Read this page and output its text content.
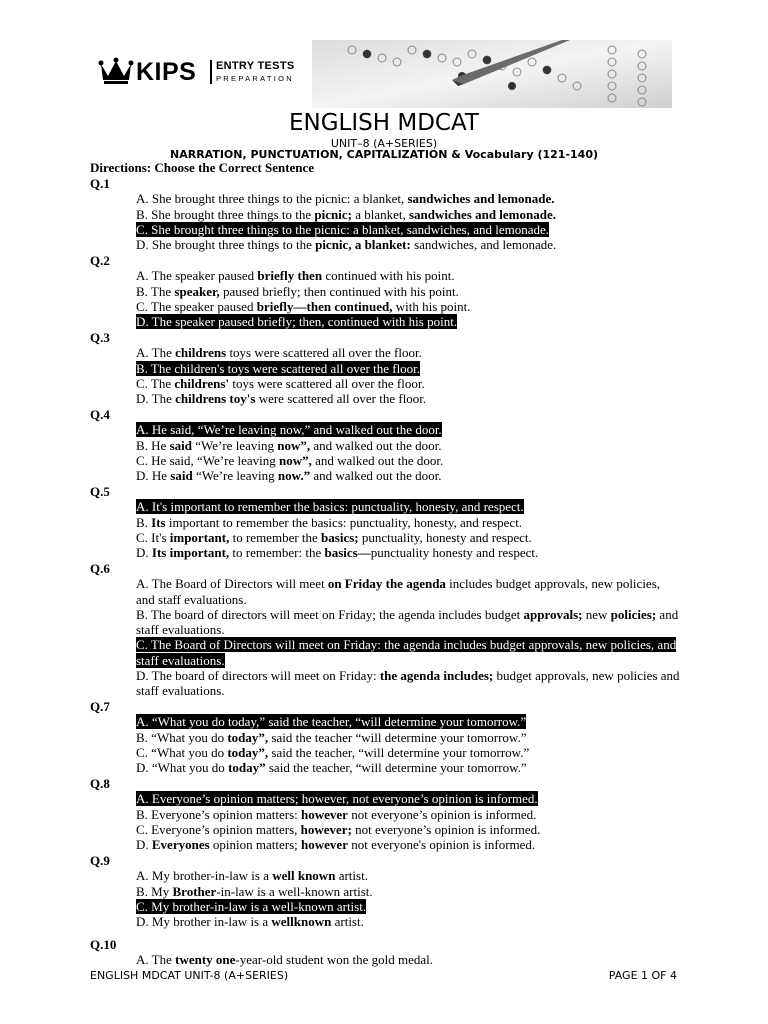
KIPS ENTRY TESTS
PREPARATION
ENGLISH MDCAT
UNIT–8 (A+SERIES)
NARRATION, PUNCTUATION, CAPITALIZATION & Vocabulary (121-140)
Directions: Choose the Correct Sentence
Q.1
A. She brought three things to the picnic: a blanket, sandwiches and lemonade.
B. She brought three things to the picnic; a blanket, sandwiches and lemonade.
C. She brought three things to the picnic: a blanket, sandwiches, and lemonade.
D. She brought three things to the picnic, a blanket: sandwiches, and lemonade.
Q.2
A. The speaker paused briefly then continued with his point.
B. The speaker, paused briefly; then continued with his point.
C. The speaker paused briefly—then continued, with his point.
D. The speaker paused briefly; then, continued with his point.
Q.3
A. The childrens toys were scattered all over the floor.
B. The children's toys were scattered all over the floor.
C. The childrens' toys were scattered all over the floor.
D. The childrens toy's were scattered all over the floor.
Q.4
A. He said, “We’re leaving now,” and walked out the door.
B. He said “We’re leaving now”, and walked out the door.
C. He said, “We’re leaving now”, and walked out the door.
D. He said “We’re leaving now.” and walked out the door.
Q.5
A. It's important to remember the basics: punctuality, honesty, and respect.
B. Its important to remember the basics: punctuality, honesty, and respect.
C. It's important, to remember the basics; punctuality, honesty and respect.
D. Its important, to remember: the basics—punctuality honesty and respect.
Q.6
A. The Board of Directors will meet on Friday the agenda includes budget approvals, new policies, and staff evaluations.
B. The board of directors will meet on Friday; the agenda includes budget approvals; new policies; and staff evaluations.
C. The Board of Directors will meet on Friday: the agenda includes budget approvals, new policies, and staff evaluations.
D. The board of directors will meet on Friday: the agenda includes; budget approvals, new policies and staff evaluations.
Q.7
A. “What you do today,” said the teacher, “will determine your tomorrow.”
B. “What you do today”, said the teacher “will determine your tomorrow.”
C. “What you do today”, said the teacher, “will determine your tomorrow.”
D. “What you do today” said the teacher, “will determine your tomorrow.”
Q.8
A. Everyone’s opinion matters; however, not everyone’s opinion is informed.
B. Everyone’s opinion matters: however not everyone’s opinion is informed.
C. Everyone’s opinion matters, however; not everyone’s opinion is informed.
D. Everyones opinion matters; however not everyone's opinion is informed.
Q.9
A. My brother-in-law is a well known artist.
B. My Brother-in-law is a well-known artist.
C. My brother-in-law is a well-known artist.
D. My brother in-law is a wellknown artist.
Q.10
A. The twenty one-year-old student won the gold medal.
ENGLISH MDCAT UNIT-8 (A+SERIES)	PAGE 1 OF 4
